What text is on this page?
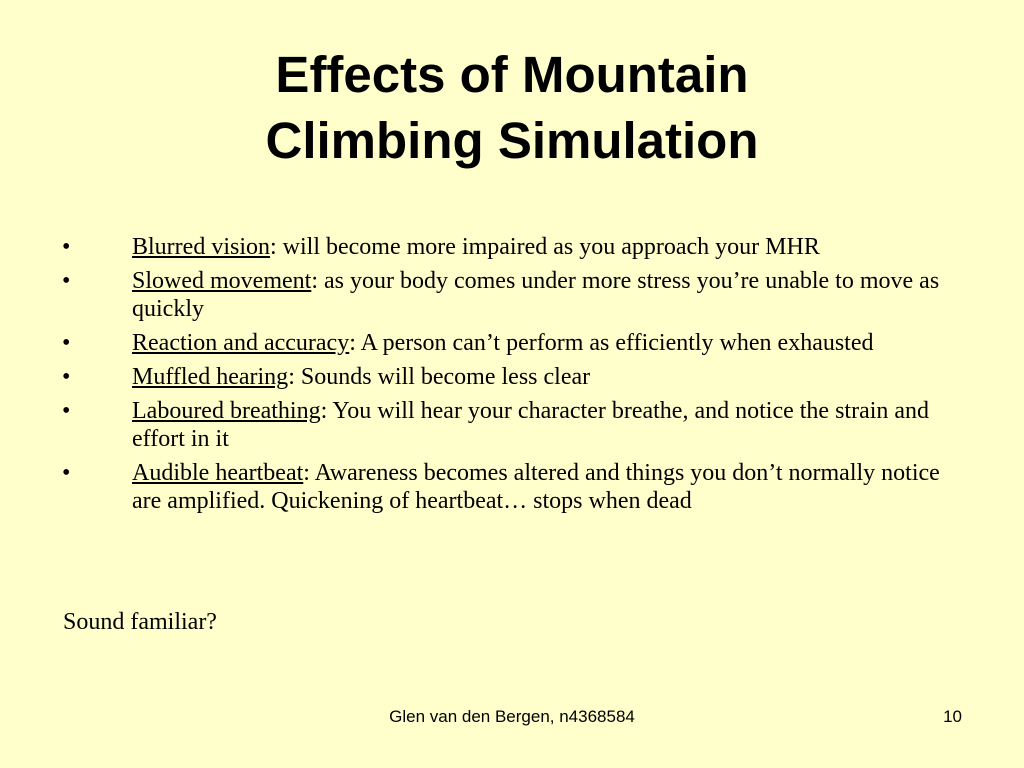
Effects of Mountain
Climbing Simulation
•	Blurred vision: will become more impaired as you approach your MHR
•	Slowed movement: as your body comes under more stress you’re unable to move as quickly
•	Reaction and accuracy: A person can’t perform as efficiently when exhausted
•	Muffled hearing: Sounds will become less clear
•	Laboured breathing: You will hear your character breathe, and notice the strain and effort in it
•	Audible heartbeat: Awareness becomes altered and things you don’t normally notice are amplified. Quickening of heartbeat… stops when dead

Sound familiar?

Glen van den Bergen, n4368584	10
